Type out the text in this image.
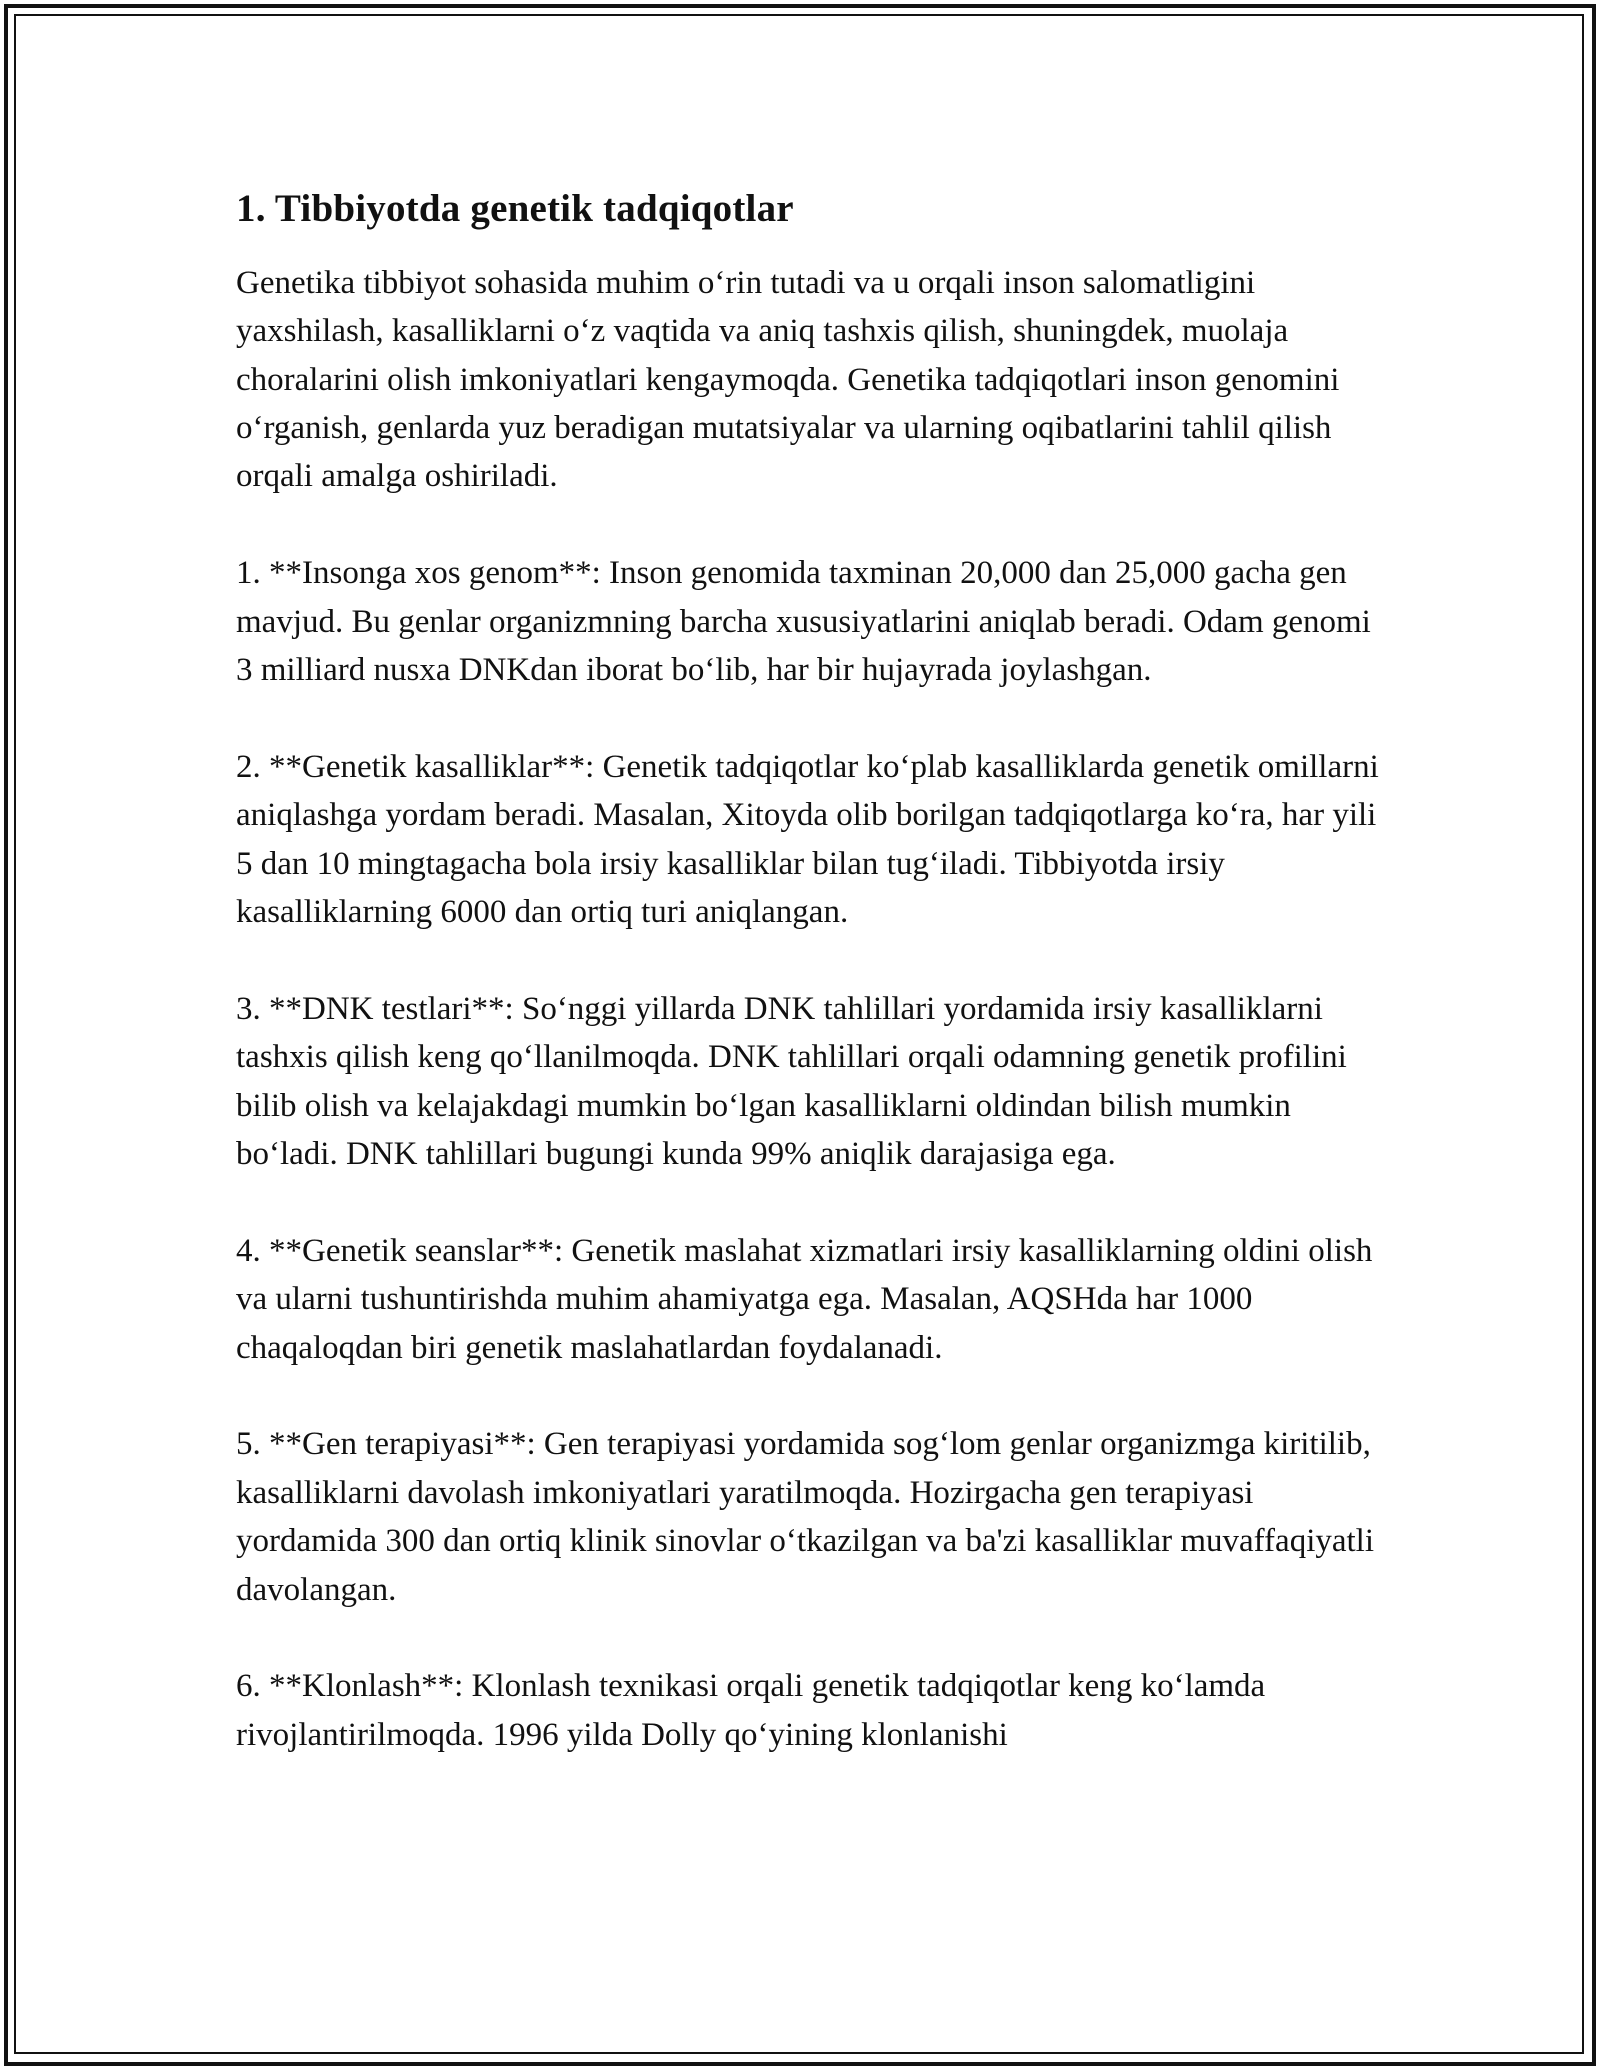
1. Tibbiyotda genetik tadqiqotlar

Genetika tibbiyot sohasida muhim oʻrin tutadi va u orqali inson salomatligini yaxshilash, kasalliklarni oʻz vaqtida va aniq tashxis qilish, shuningdek, muolaja choralarini olish imkoniyatlari kengaymoqda. Genetika tadqiqotlari inson genomini oʻrganish, genlarda yuz beradigan mutatsiyalar va ularning oqibatlarini tahlil qilish orqali amalga oshiriladi.

1. **Insonga xos genom**: Inson genomida taxminan 20,000 dan 25,000 gacha gen mavjud. Bu genlar organizmning barcha xususiyatlarini aniqlab beradi. Odam genomi 3 milliard nusxa DNKdan iborat boʻlib, har bir hujayrada joylashgan.

2. **Genetik kasalliklar**: Genetik tadqiqotlar koʻplab kasalliklarda genetik omillarni aniqlashga yordam beradi. Masalan, Xitoyda olib borilgan tadqiqotlarga koʻra, har yili 5 dan 10 mingtagacha bola irsiy kasalliklar bilan tugʻiladi. Tibbiyotda irsiy kasalliklarning 6000 dan ortiq turi aniqlangan.

3. **DNK testlari**: Soʻnggi yillarda DNK tahlillari yordamida irsiy kasalliklarni tashxis qilish keng qoʻllanilmoqda. DNK tahlillari orqali odamning genetik profilini bilib olish va kelajakdagi mumkin boʻlgan kasalliklarni oldindan bilish mumkin boʻladi. DNK tahlillari bugungi kunda 99% aniqlik darajasiga ega.

4. **Genetik seanslar**: Genetik maslahat xizmatlari irsiy kasalliklarning oldini olish va ularni tushuntirishda muhim ahamiyatga ega. Masalan, AQSHda har 1000 chaqaloqdan biri genetik maslahatlardan foydalanadi.

5. **Gen terapiyasi**: Gen terapiyasi yordamida sogʻlom genlar organizmga kiritilib, kasalliklarni davolash imkoniyatlari yaratilmoqda. Hozirgacha gen terapiyasi yordamida 300 dan ortiq klinik sinovlar oʻtkazilgan va ba'zi kasalliklar muvaffaqiyatli davolangan.

6. **Klonlash**: Klonlash texnikasi orqali genetik tadqiqotlar keng koʻlamda rivojlantirilmoqda. 1996 yilda Dolly qoʻyining klonlanishi
